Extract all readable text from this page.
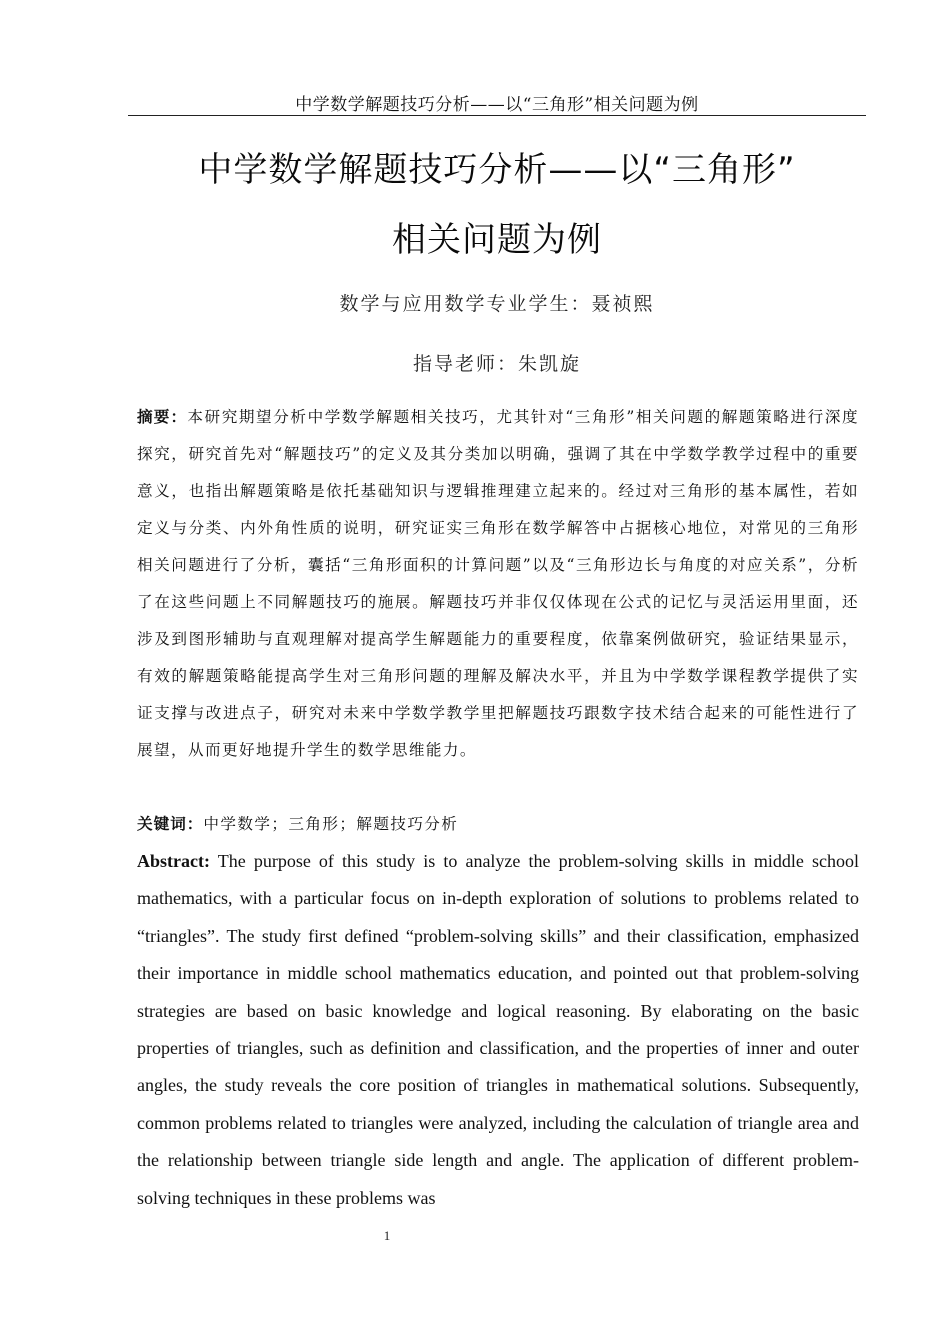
中学数学解题技巧分析——以“三角形”相关问题为例
中学数学解题技巧分析——以“三角形”
相关问题为例
数学与应用数学专业学生：聂祯熙
指导老师：朱凯旋
摘要：本研究期望分析中学数学解题相关技巧，尤其针对“三角形”相关问题的解题策略进行深度探究，研究首先对“解题技巧”的定义及其分类加以明确，强调了其在中学数学教学过程中的重要意义，也指出解题策略是依托基础知识与逻辑推理建立起来的。经过对三角形的基本属性，若如定义与分类、内外角性质的说明，研究证实三角形在数学解答中占据核心地位，对常见的三角形相关问题进行了分析，囊括“三角形面积的计算问题”以及“三角形边长与角度的对应关系”，分析了在这些问题上不同解题技巧的施展。解题技巧并非仅仅体现在公式的记忆与灵活运用里面，还涉及到图形辅助与直观理解对提高学生解题能力的重要程度，依靠案例做研究，验证结果显示，有效的解题策略能提高学生对三角形问题的理解及解决水平，并且为中学数学课程教学提供了实证支撑与改进点子，研究对未来中学数学教学里把解题技巧跟数字技术结合起来的可能性进行了展望，从而更好地提升学生的数学思维能力。
关键词：中学数学；三角形；解题技巧分析
Abstract: The purpose of this study is to analyze the problem-solving skills in middle school mathematics, with a particular focus on in-depth exploration of solutions to problems related to “triangles”. The study first defined “problem-solving skills” and their classification, emphasized their importance in middle school mathematics education, and pointed out that problem-solving strategies are based on basic knowledge and logical reasoning. By elaborating on the basic properties of triangles, such as definition and classification, and the properties of inner and outer angles, the study reveals the core position of triangles in mathematical solutions. Subsequently, common problems related to triangles were analyzed, including the calculation of triangle area and the relationship between triangle side length and angle. The application of different problem-solving techniques in these problems was
1
